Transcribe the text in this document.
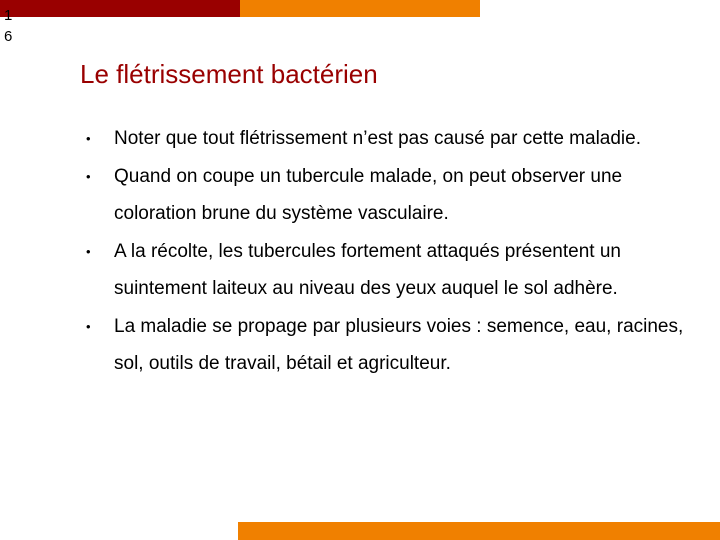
16
Le flétrissement bactérien
• Noter que tout flétrissement n’est pas causé par cette maladie.
• Quand on coupe un tubercule malade, on peut observer une coloration brune du système vasculaire.
• A la récolte, les tubercules fortement attaqués présentent un suintement laiteux au niveau des yeux auquel le sol adhère.
• La maladie se propage par plusieurs voies : semence, eau, racines, sol, outils de travail, bétail et agriculteur.
